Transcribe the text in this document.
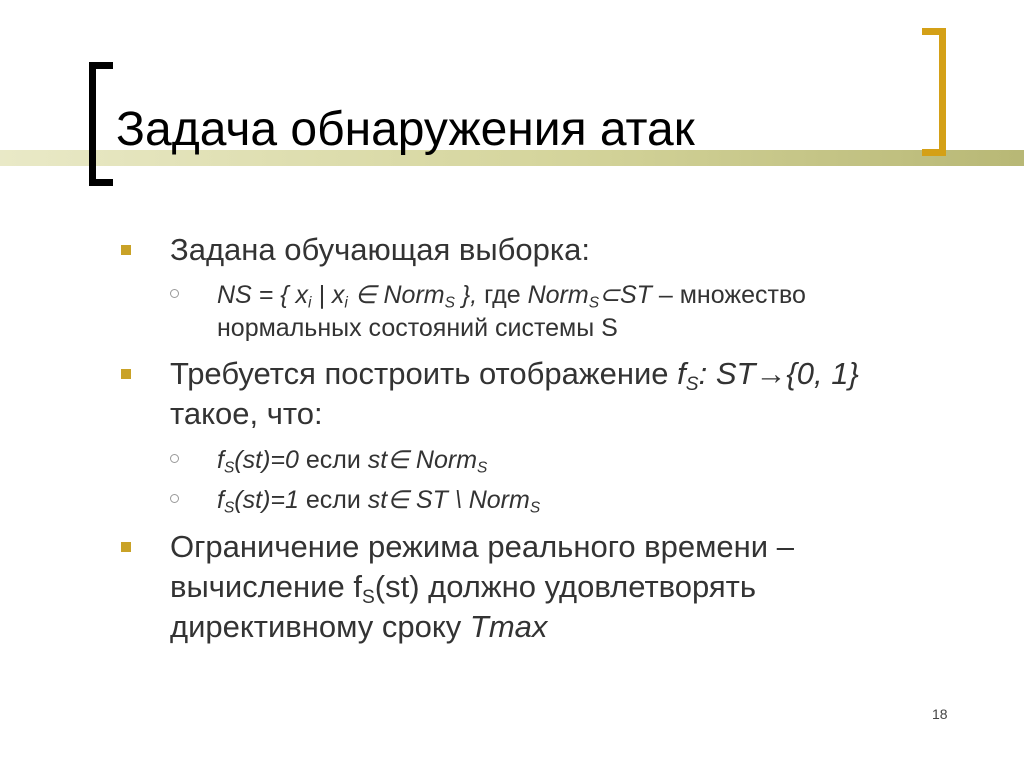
Задача обнаружения атак
Задана обучающая выборка:
NS = { $x_i$ | $x_i$ ∈ Norm$_S$ }, где Norm$_S$⊂ST – множество нормальных состояний системы S
Требуется построить отображение $f_S$: ST→{0, 1} такое, что:
$f_S(st)=0$ если st∈ Norm$_S$
$f_S(st)=1$ если st∈ ST \ Norm$_S$
Ограничение режима реального времени – вычисление $f_S(st)$ должно удовлетворять директивному сроку Tmax
18
